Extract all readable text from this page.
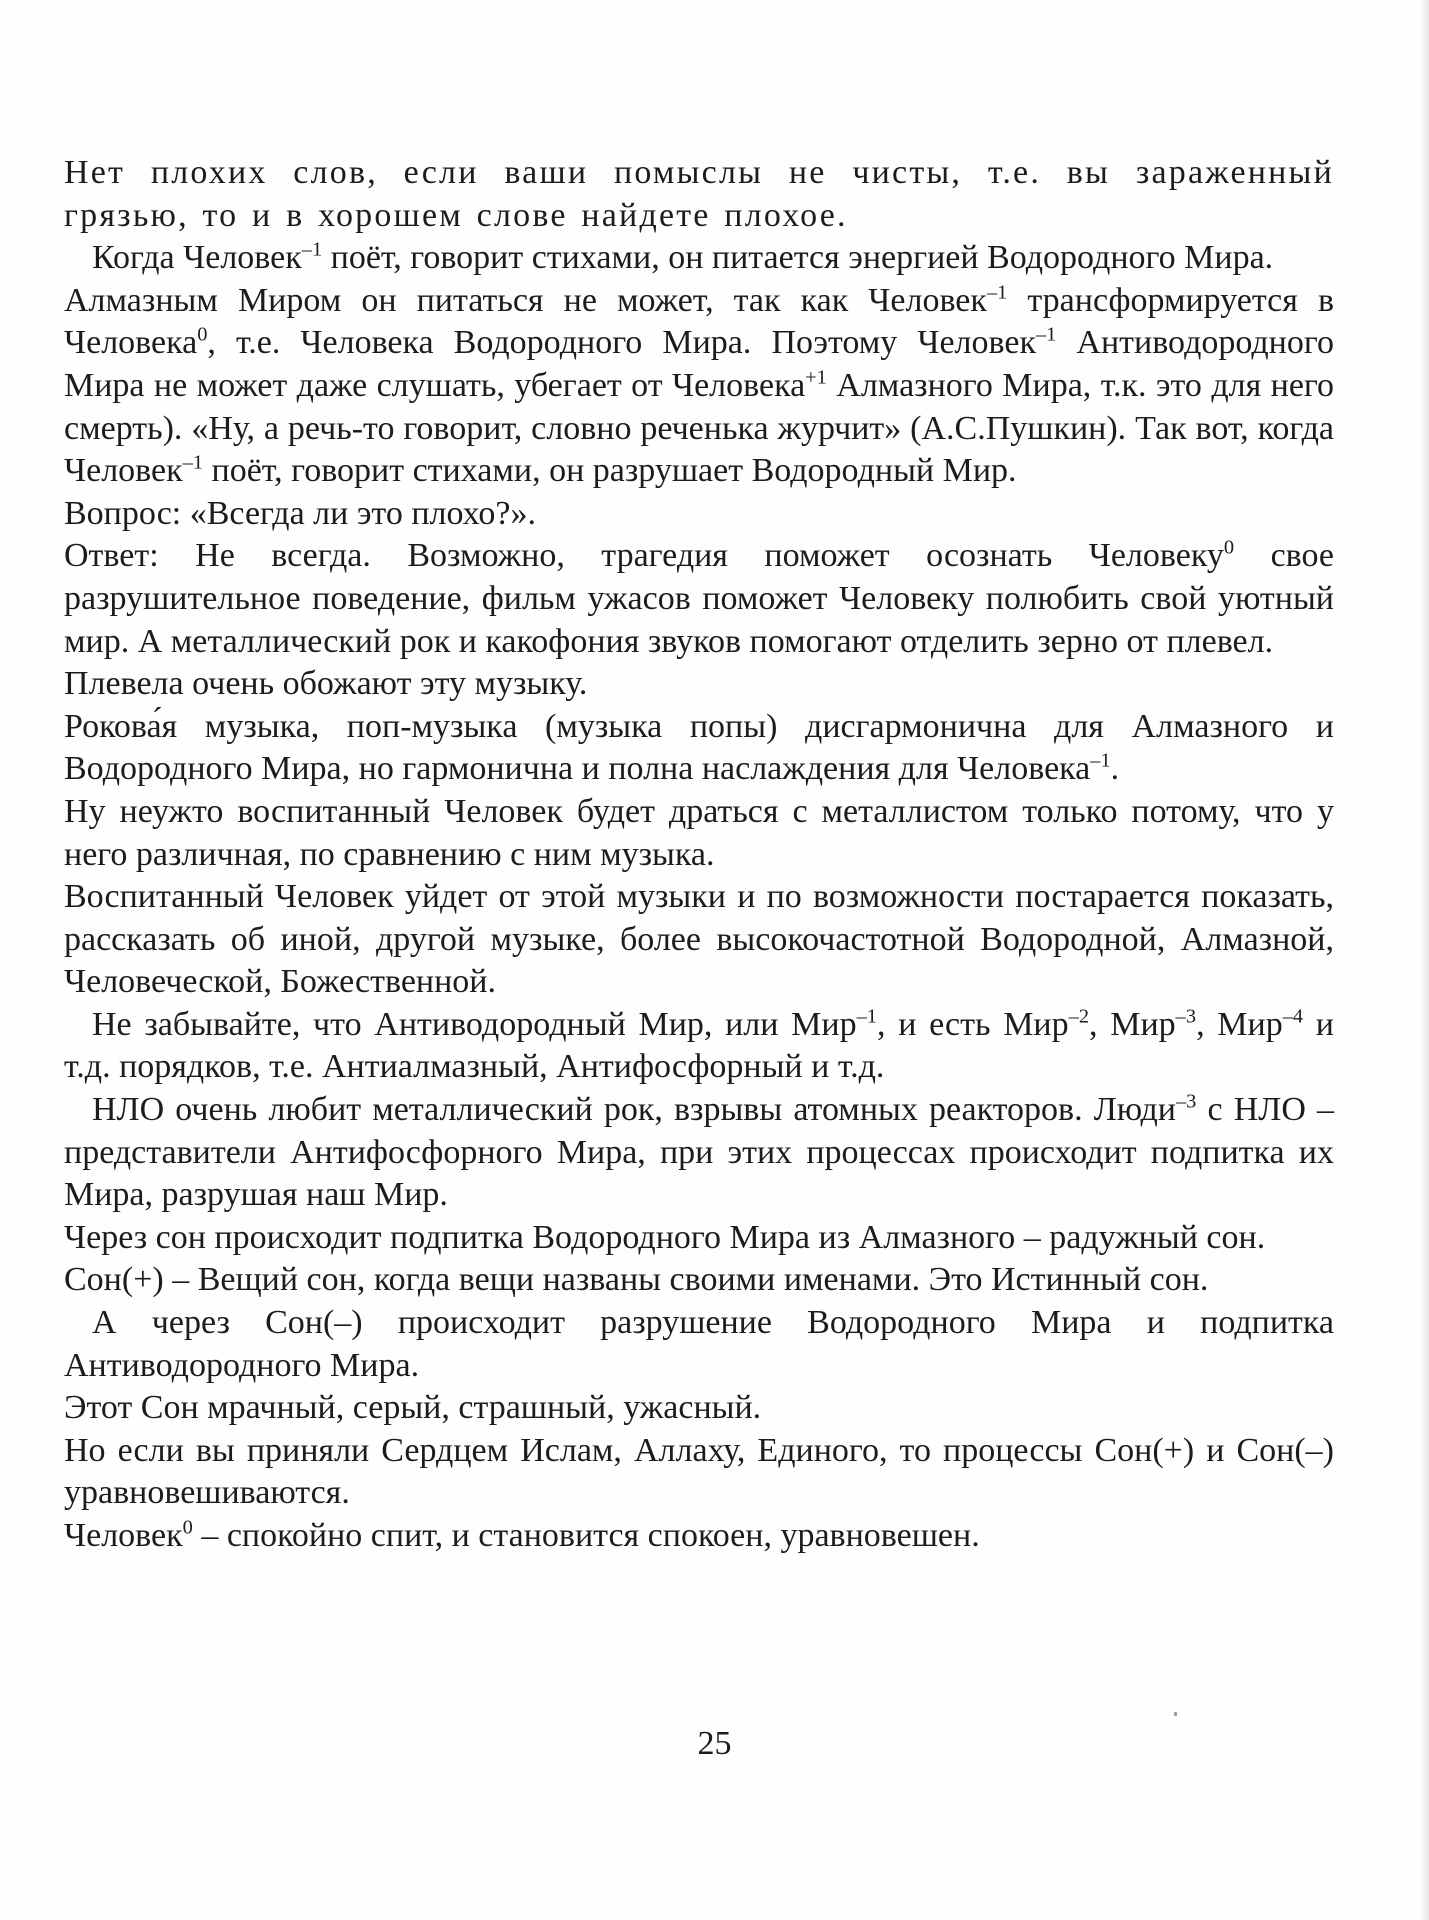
Нет плохих слов, если ваши помыслы не чисты, т.е. вы зараженный грязью, то и в хорошем слове найдете плохое.

Когда Человек$^{-1}$ поёт, говорит стихами, он питается энергией Водородного Мира.

Алмазным Миром он питаться не может, так как Человек$^{-1}$ трансформируется в Человека$^0$, т.е. Человека Водородного Мира. Поэтому Человек$^{-1}$ Антиводородного Мира не может даже слушать, убегает от Человека$^{+1}$ Алмазного Мира, т.к. это для него смерть). «Ну, а речь-то говорит, словно реченька журчит» (А.С.Пушкин). Так вот, когда Человек$^{-1}$ поёт, говорит стихами, он разрушает Водородный Мир.

Вопрос: «Всегда ли это плохо?».

Ответ: Не всегда. Возможно, трагедия поможет осознать Человеку$^0$ свое разрушительное поведение, фильм ужасов поможет Человеку полюбить свой уютный мир. А металлический рок и какофония звуков помогают отделить зерно от плевел.

Плевела очень обожают эту музыку.

Рокова́я музыка, поп-музыка (музыка попы) дисгармонична для Алмазного и Водородного Мира, но гармонична и полна наслаждения для Человека$^{-1}$.

Ну неужто воспитанный Человек будет драться с металлистом только потому, что у него различная, по сравнению с ним музыка.

Воспитанный Человек уйдет от этой музыки и по возможности постарается показать, рассказать об иной, другой музыке, более высокочастотной Водородной, Алмазной, Человеческой, Божественной.

Не забывайте, что Антиводородный Мир, или Мир$^{-1}$, и есть Мир$^{-2}$, Мир$^{-3}$, Мир$^{-4}$ и т.д. порядков, т.е. Антиалмазный, Антифосфорный и т.д.

НЛО очень любит металлический рок, взрывы атомных реакторов. Люди$^{-3}$ с НЛО – представители Антифосфорного Мира, при этих процессах происходит подпитка их Мира, разрушая наш Мир.

Через сон происходит подпитка Водородного Мира из Алмазного – радужный сон.

Сон(+) – Вещий сон, когда вещи названы своими именами. Это Истинный сон.

А через Сон(–) происходит разрушение Водородного Мира и подпитка Антиводородного Мира.

Этот Сон мрачный, серый, страшный, ужасный.

Но если вы приняли Сердцем Ислам, Аллаху, Единого, то процессы Сон(+) и Сон(–) уравновешиваются.

Человек$^0$ – спокойно спит, и становится спокоен, уравновешен.

25
